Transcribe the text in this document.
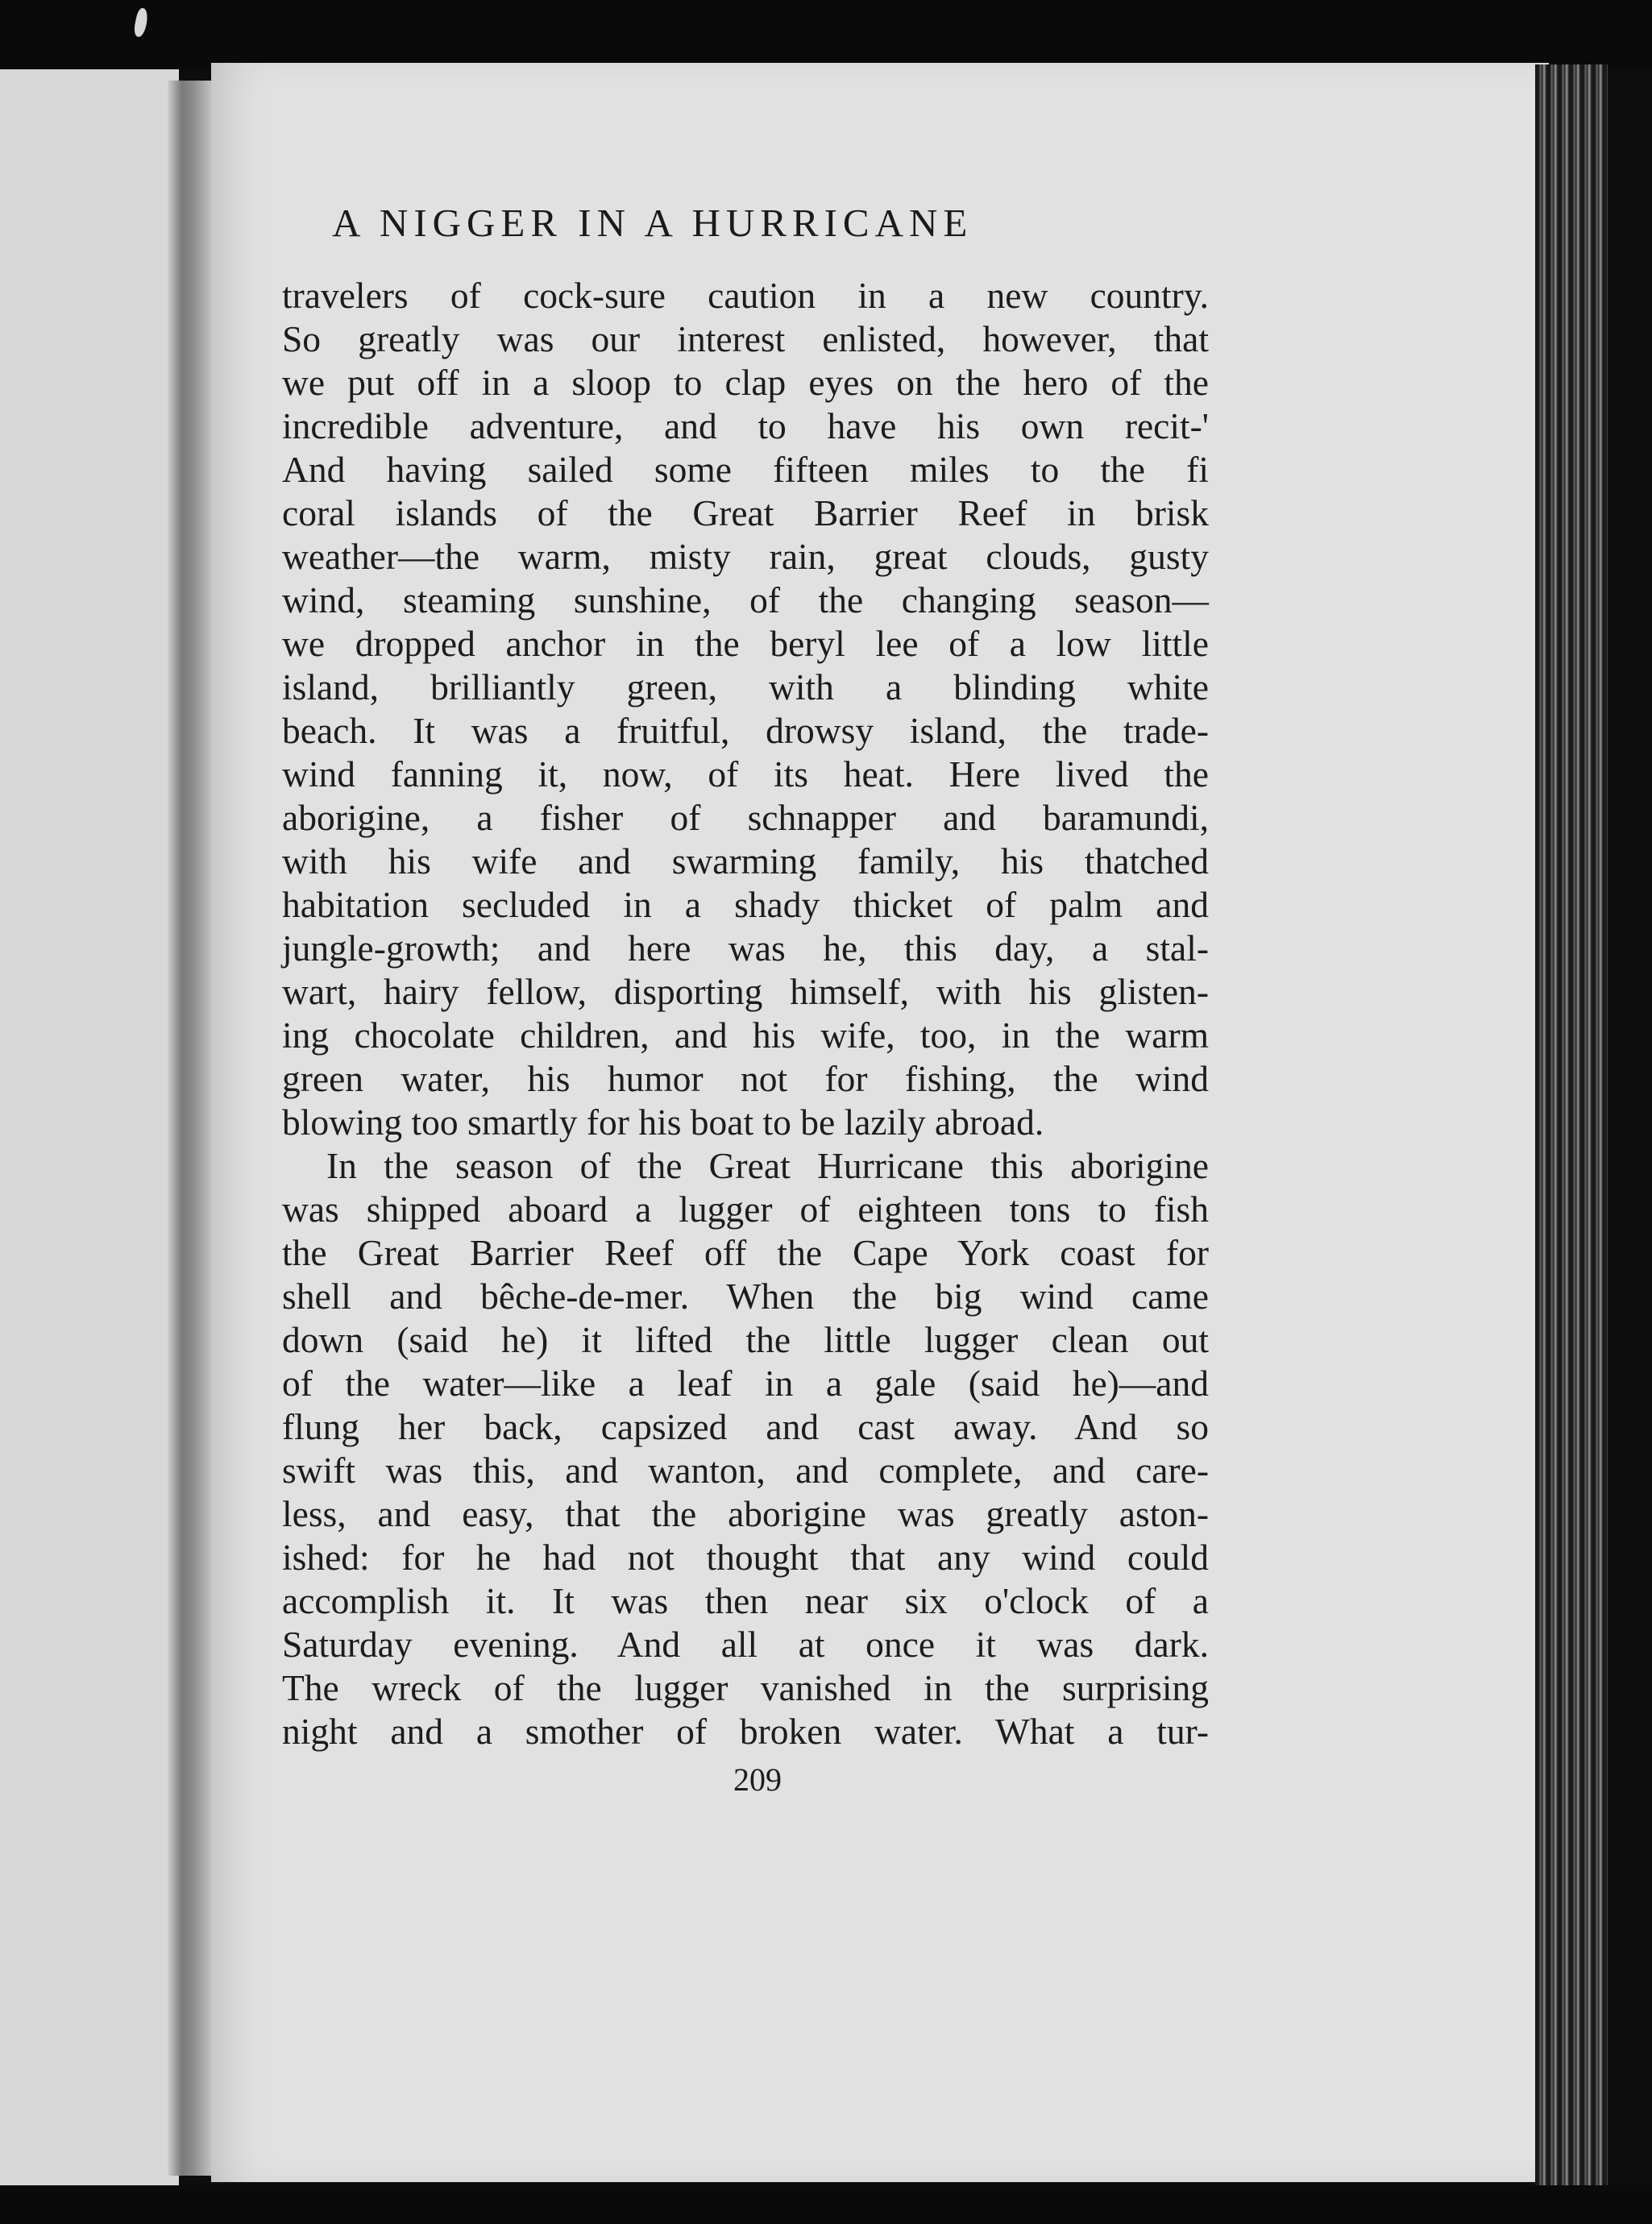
A NIGGER IN A HURRICANE
travelers of cock-sure caution in a new country.
So greatly was our interest enlisted, however, that
we put off in a sloop to clap eyes on the hero of the
incredible adventure, and to have his own recit-'
And having sailed some fifteen miles to the fi
coral islands of the Great Barrier Reef in brisk
weather—the warm, misty rain, great clouds, gusty
wind, steaming sunshine, of the changing season—
we dropped anchor in the beryl lee of a low little
island, brilliantly green, with a blinding white
beach. It was a fruitful, drowsy island, the trade-
wind fanning it, now, of its heat. Here lived the
aborigine, a fisher of schnapper and baramundi,
with his wife and swarming family, his thatched
habitation secluded in a shady thicket of palm and
jungle-growth; and here was he, this day, a stal-
wart, hairy fellow, disporting himself, with his glisten-
ing chocolate children, and his wife, too, in the warm
green water, his humor not for fishing, the wind
blowing too smartly for his boat to be lazily abroad.
In the season of the Great Hurricane this aborigine
was shipped aboard a lugger of eighteen tons to fish
the Great Barrier Reef off the Cape York coast for
shell and bêche-de-mer. When the big wind came
down (said he) it lifted the little lugger clean out
of the water—like a leaf in a gale (said he)—and
flung her back, capsized and cast away. And so
swift was this, and wanton, and complete, and care-
less, and easy, that the aborigine was greatly aston-
ished: for he had not thought that any wind could
accomplish it. It was then near six o'clock of a
Saturday evening. And all at once it was dark.
The wreck of the lugger vanished in the surprising
night and a smother of broken water. What a tur-
209
